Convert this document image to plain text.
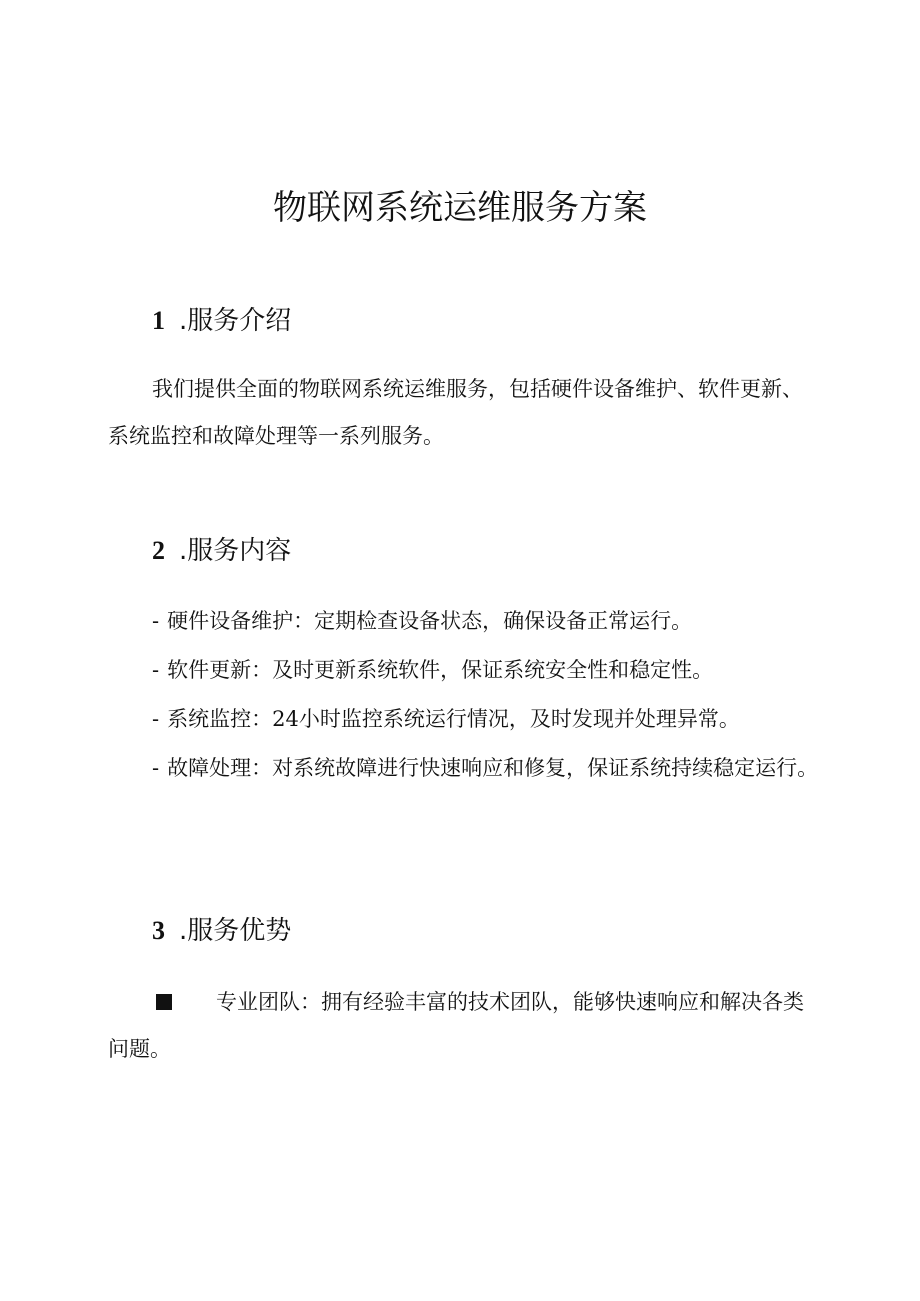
物联网系统运维服务方案
1 .服务介绍
我们提供全面的物联网系统运维服务，包括硬件设备维护、软件更新、系统监控和故障处理等一系列服务。
2 .服务内容
- 硬件设备维护：定期检查设备状态，确保设备正常运行。
- 软件更新：及时更新系统软件，保证系统安全性和稳定性。
- 系统监控：24小时监控系统运行情况，及时发现并处理异常。
- 故障处理：对系统故障进行快速响应和修复，保证系统持续稳定运行。
3 .服务优势
专业团队：拥有经验丰富的技术团队，能够快速响应和解决各类问题。
